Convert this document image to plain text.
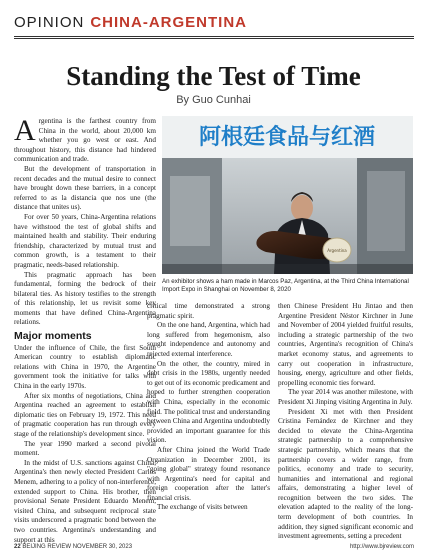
OPINION CHINA-ARGENTINA
Standing the Test of Time
By Guo Cunhai

Argentina is the farthest country from China in the world, about 20,000 km whether you go west or east. And throughout history, this distance had hindered communication and trade.

But the development of transportation in recent decades and the mutual desire to connect have brought down these barriers, in a concept referred to as la distancia que nos une (the distance that unites us).

For over 50 years, China-Argentina relations have withstood the test of global shifts and maintained health and stability. Their enduring friendship, characterized by mutual trust and common growth, is a testament to their pragmatic, needs-based relationship.

This pragmatic approach has been fundamental, forming the bedrock of their bilateral ties. As history testifies to the strength of this relationship, let us revisit some key moments that have defined China-Argentina relations.

Major moments

Under the influence of Chile, the first South American country to establish diplomatic relations with China in 1970, the Argentine government took the initiative for talks with China in the early 1970s.

After six months of negotiations, China and Argentina reached an agreement to establish diplomatic ties on February 19, 1972. This need of pragmatic cooperation has run through every stage of the relationship's development since.

The year 1990 marked a second pivotal moment.

In the midst of U.S. sanctions against China, Argentina's then newly elected President Carlos Menem, adhering to a policy of non-interference, extended support to China. His brother, then provisional Senate President Eduardo Menem, visited China, and subsequent reciprocal state visits underscored a pragmatic bond between the two countries. Argentina's understanding and support at this

阿根廷食品与红酒
Argentina
An exhibitor shows a ham made in Marcos Paz, Argentina, at the Third China International Import Expo in Shanghai on November 8, 2020

critical time demonstrated a strong pragmatic spirit.

On the one hand, Argentina, which had long suffered from hegemonism, also sought independence and autonomy and rejected external interference.

On the other, the country, mired in debt crisis in the 1980s, urgently needed to get out of its economic predicament and hoped to further strengthen cooperation with China, especially in the economic field. The political trust and understanding between China and Argentina undoubtedly provided an important guarantee for this vision.

After China joined the World Trade Organization in December 2001, its "going global" strategy found resonance with Argentina's need for capital and foreign cooperation after the latter's financial crisis.

The exchange of visits between

then Chinese President Hu Jintao and then Argentine President Néstor Kirchner in June and November of 2004 yielded fruitful results, including a strategic partnership of the two countries, Argentina's recognition of China's market economy status, and agreements to carry out cooperation in infrastructure, housing, energy, agriculture and other fields, propelling economic ties forward.

The year 2014 was another milestone, with President Xi Jinping visiting Argentina in July.

President Xi met with then President Cristina Fernández de Kirchner and they decided to elevate the China-Argentina strategic partnership to a comprehensive strategic partnership, which means that the partnership covers a wider range, from politics, economy and trade to security, humanities and international and regional affairs, demonstrating a higher level of recognition between the two sides. The elevation adapted to the reality of the long-term development of both countries. In addition, they signed significant economic and investment agreements, setting a precedent

22 BEIJING REVIEW NOVEMBER 30, 2023	http://www.bjreview.com
